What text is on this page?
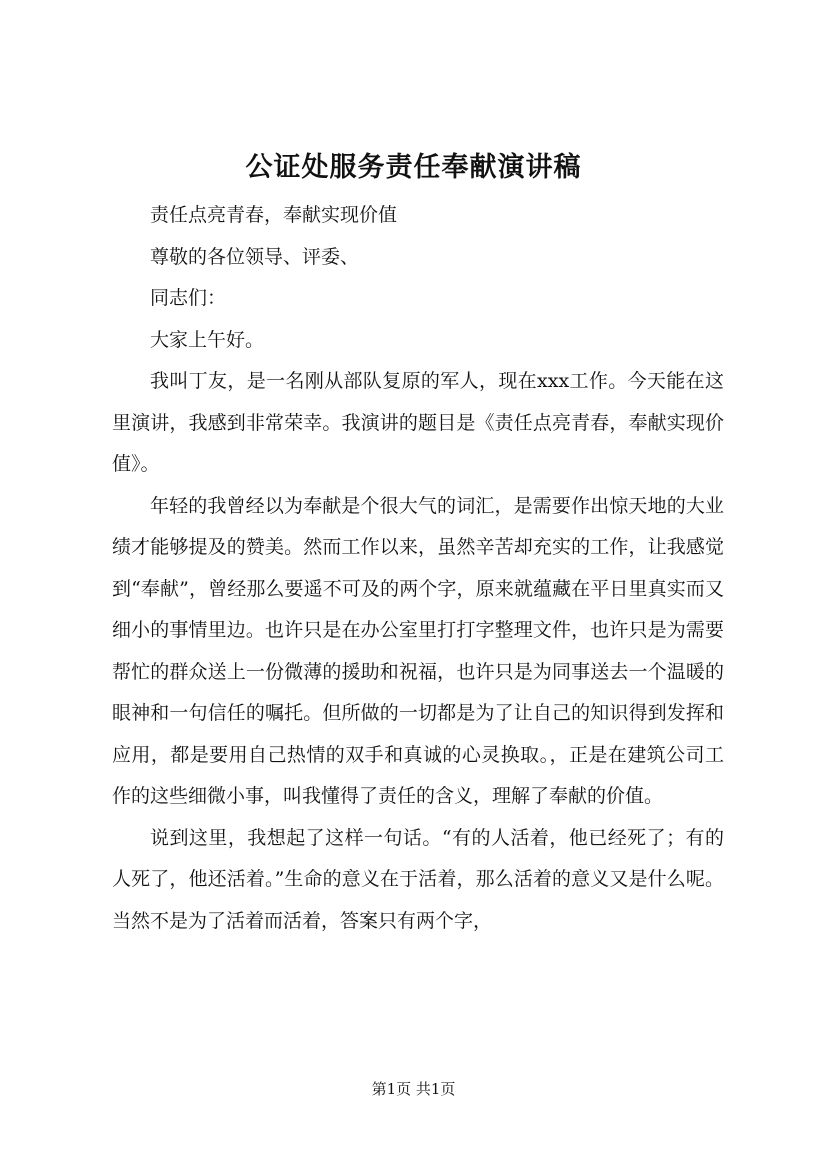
公证处服务责任奉献演讲稿

责任点亮青春，奉献实现价值

尊敬的各位领导、评委、

同志们：

大家上午好。

我叫丁友，是一名刚从部队复原的军人，现在xxx工作。今天能在这里演讲，我感到非常荣幸。我演讲的题目是《责任点亮青春，奉献实现价值》。

年轻的我曾经以为奉献是个很大气的词汇，是需要作出惊天地的大业绩才能够提及的赞美。然而工作以来，虽然辛苦却充实的工作，让我感觉到“奉献”，曾经那么要遥不可及的两个字，原来就蕴藏在平日里真实而又细小的事情里边。也许只是在办公室里打打字整理文件，也许只是为需要帮忙的群众送上一份微薄的援助和祝福，也许只是为同事送去一个温暖的眼神和一句信任的嘱托。但所做的一切都是为了让自己的知识得到发挥和应用，都是要用自己热情的双手和真诚的心灵换取。，正是在建筑公司工作的这些细微小事，叫我懂得了责任的含义，理解了奉献的价值。

说到这里，我想起了这样一句话。“有的人活着，他已经死了；有的人死了，他还活着。”生命的意义在于活着，那么活着的意义又是什么呢。当然不是为了活着而活着，答案只有两个字，

第1页 共1页
